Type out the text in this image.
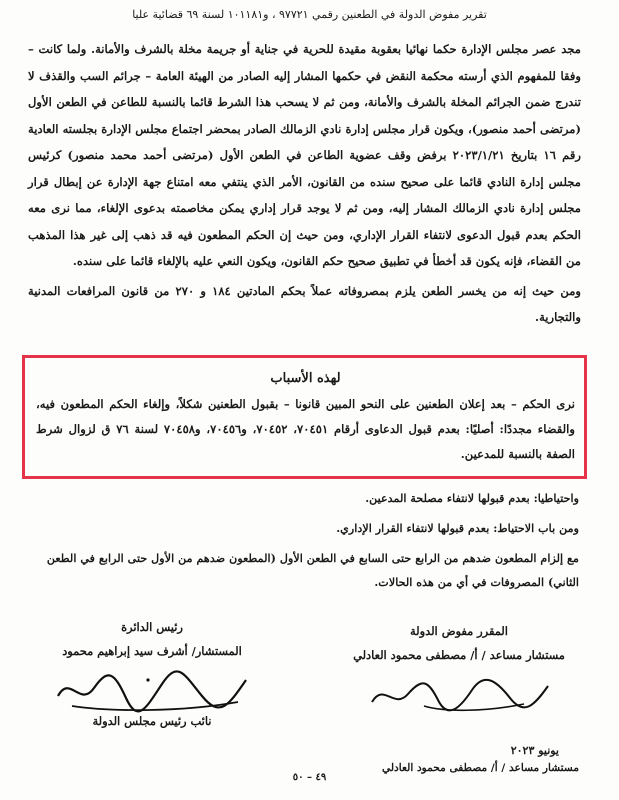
تقرير مفوض الدولة في الطعنين رقمي ٩٧٧٢١ ، و١٠١١٨١ لسنة ٦٩ قضائية عليا

مجد عصر مجلس الإدارة حكما نهائيا بعقوبة مقيدة للحرية في جناية أو جريمة مخلة بالشرف والأمانة. ولما كانت – وفقا للمفهوم الذي أرسته محكمة النقض في حكمها المشار إليه الصادر من الهيئة العامة – جرائم السب والقذف لا تندرج ضمن الجرائم المخلة بالشرف والأمانة، ومن ثم لا يسحب هذا الشرط قائما بالنسبة للطاعن في الطعن الأول (مرتضى أحمد منصور)، ويكون قرار مجلس إدارة نادي الزمالك الصادر بمحضر اجتماع مجلس الإدارة بجلسته العادية رقم ١٦ بتاريخ ٢٠٢٣/١/٢١ برفض وقف عضوية الطاعن في الطعن الأول (مرتضى أحمد محمد منصور) كرئيس مجلس إدارة النادي قائما على صحيح سنده من القانون، الأمر الذي ينتفي معه امتناع جهة الإدارة عن إبطال قرار مجلس إدارة نادي الزمالك المشار إليه، ومن ثم لا يوجد قرار إداري يمكن مخاصمته بدعوى الإلغاء، مما نرى معه الحكم بعدم قبول الدعوى لانتفاء القرار الإداري، ومن حيث إن الحكم المطعون فيه قد ذهب إلى غير هذا المذهب من القضاء، فإنه يكون قد أخطأ في تطبيق صحيح حكم القانون، ويكون النعي عليه بالإلغاء قائما على سنده.

ومن حيث إنه من يخسر الطعن يلزم بمصروفاته عملاً بحكم المادتين ١٨٤ و ٢٧٠ من قانون المرافعات المدنية والتجارية.

لهذه الأسباب

نرى الحكم – بعد إعلان الطعنين على النحو المبين قانونا – بقبول الطعنين شكلاً، وإلغاء الحكم المطعون فيه، والقضاء مجددًا: أصليًا: بعدم قبول الدعاوى أرقام ٧٠٤٥١، ٧٠٤٥٢، و٧٠٤٥٦، و٧٠٤٥٨ لسنة ٧٦ ق لزوال شرط الصفة بالنسبة للمدعين.

واحتياطيا: بعدم قبولها لانتفاء مصلحة المدعين.

ومن باب الاحتياط: بعدم قبولها لانتفاء القرار الإداري.

مع إلزام المطعون ضدهم من الرابع حتى السابع في الطعن الأول (المطعون ضدهم من الأول حتى الرابع في الطعن الثاني) المصروفات في أي من هذه الحالات.

المقرر مفوض الدولة
مستشار مساعد / أ/ مصطفى محمود العادلي
رئيس الدائرة
المستشار/ أشرف سيد إبراهيم محمود
نائب رئيس مجلس الدولة
يونيو ٢٠٢٣
مستشار مساعد / أ/ مصطفى محمود العادلي
٤٩ – ٥٠
